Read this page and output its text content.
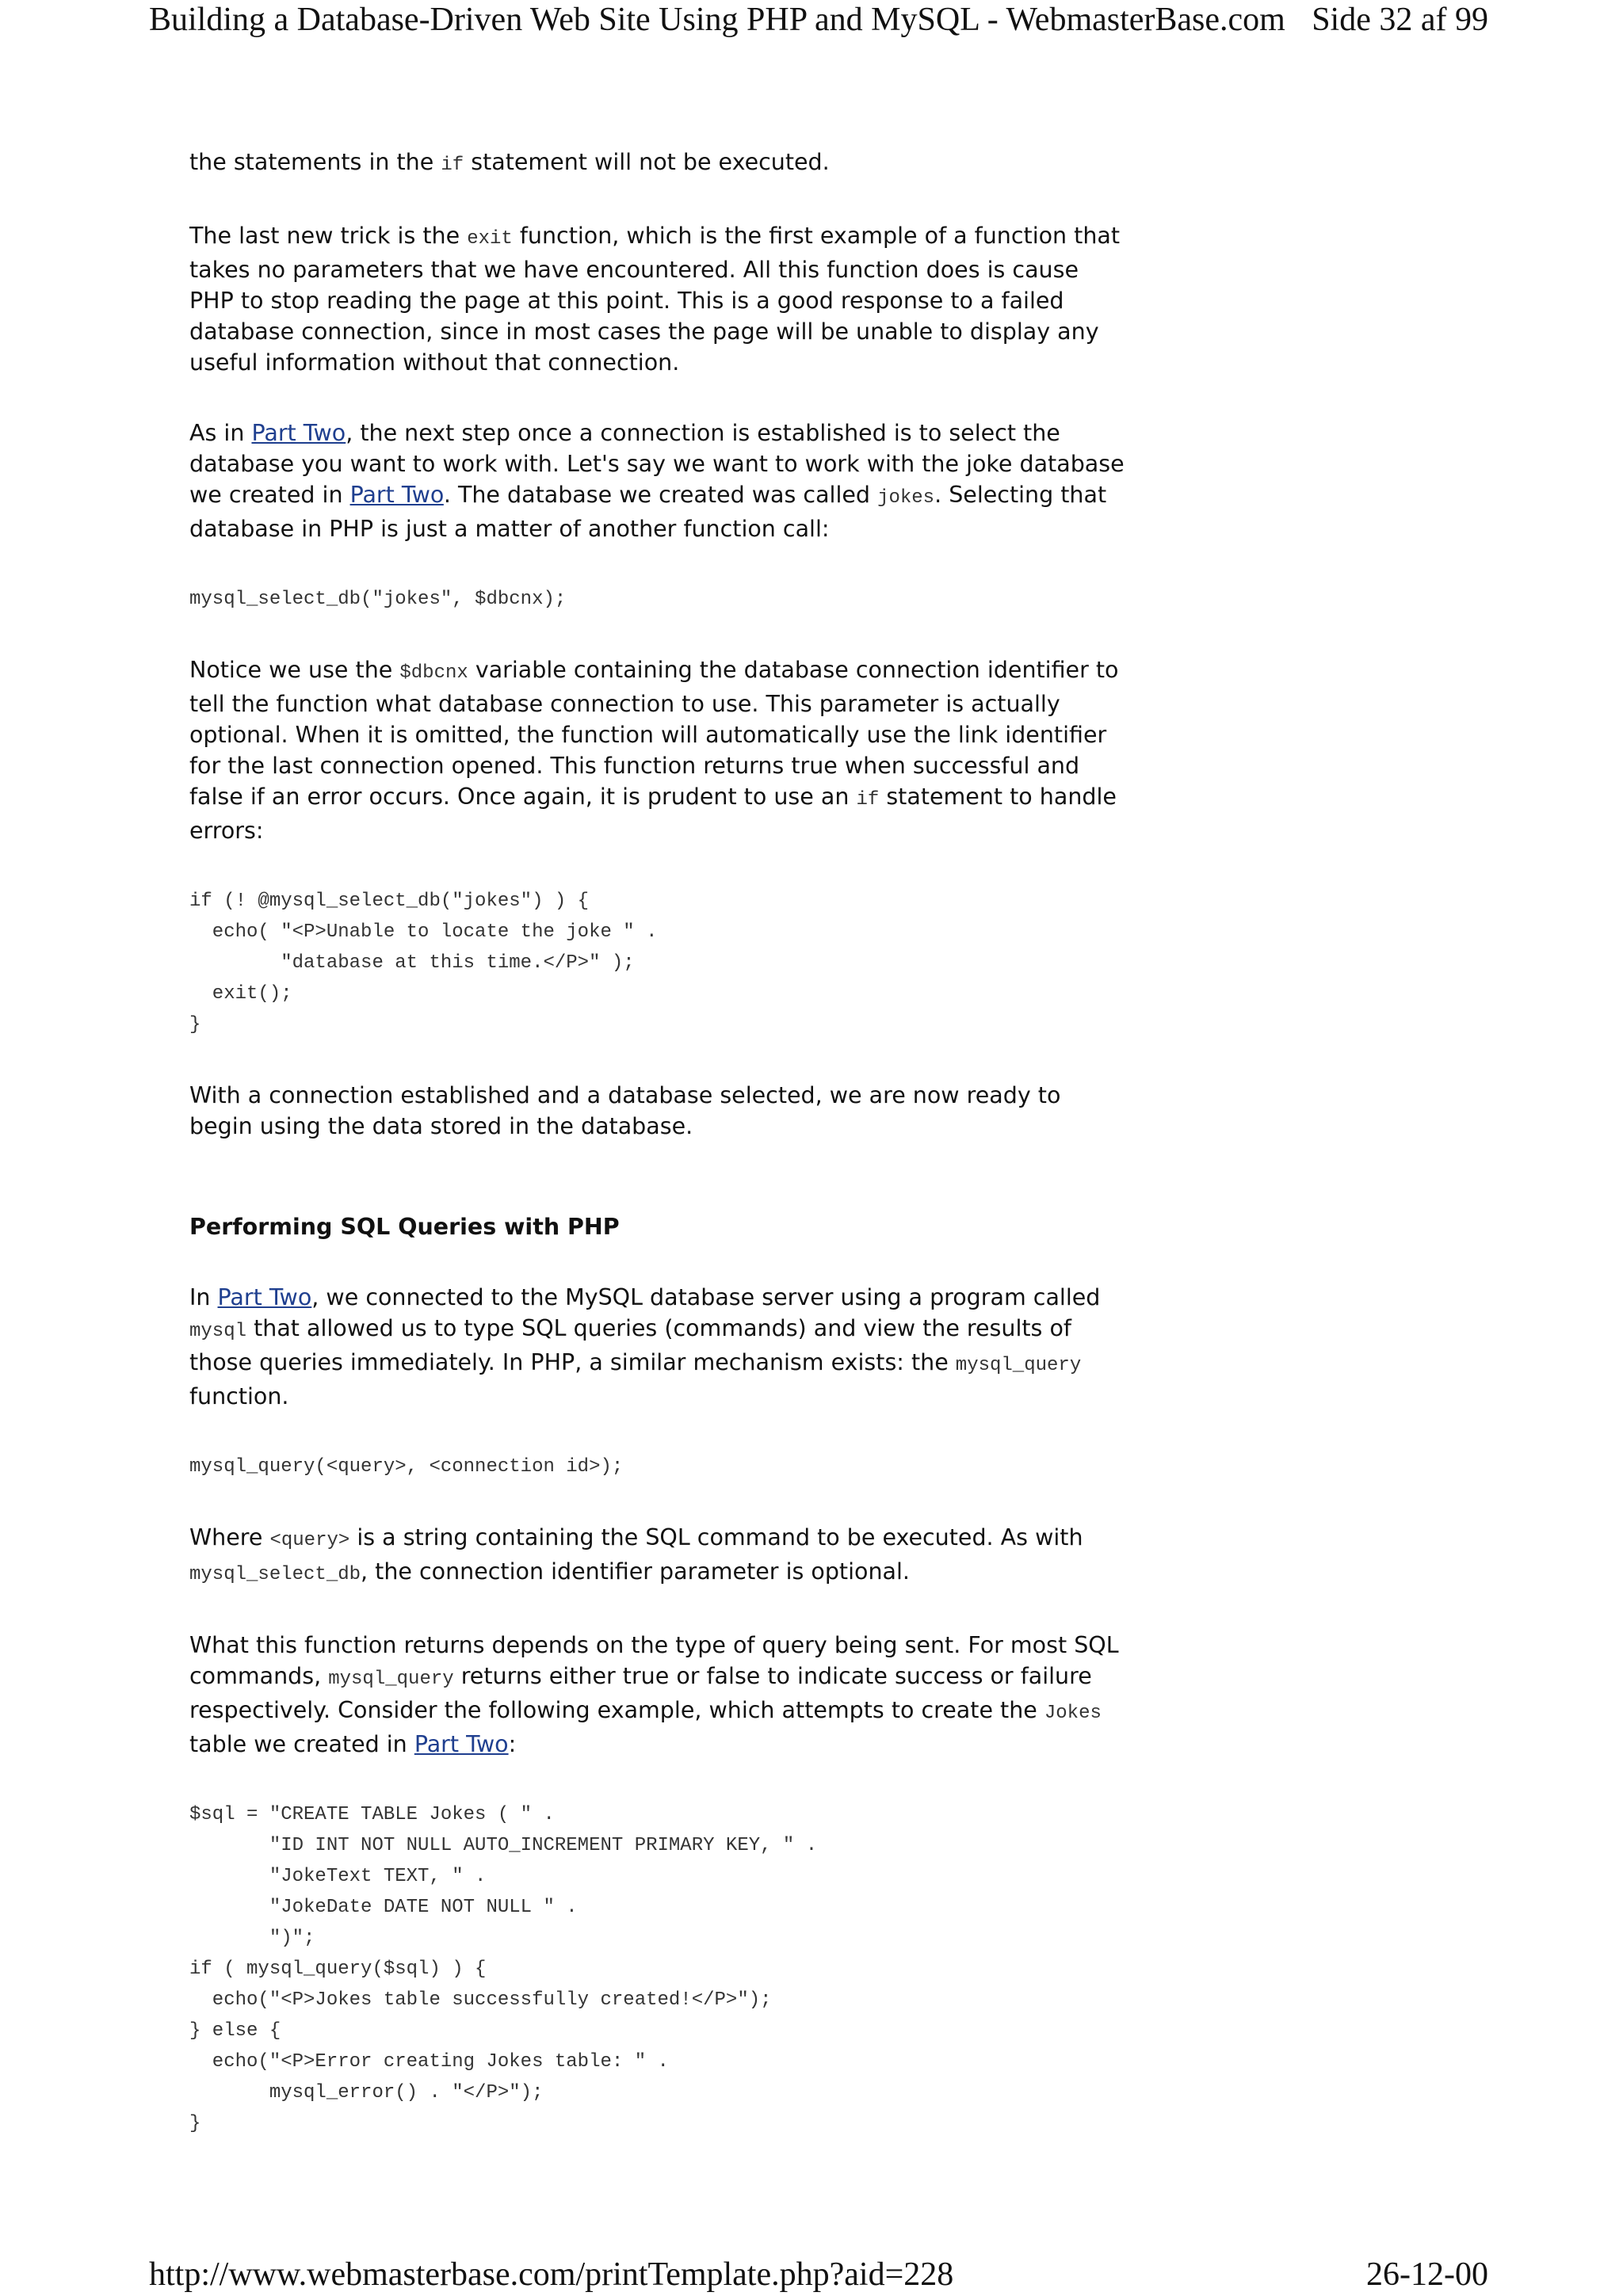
Building a Database-Driven Web Site Using PHP and MySQL - WebmasterBase.com Side 32 af 99

the statements in the if statement will not be executed.

The last new trick is the exit function, which is the first example of a function that takes no parameters that we have encountered. All this function does is cause PHP to stop reading the page at this point. This is a good response to a failed database connection, since in most cases the page will be unable to display any useful information without that connection.

As in Part Two, the next step once a connection is established is to select the database you want to work with. Let's say we want to work with the joke database we created in Part Two. The database we created was called jokes. Selecting that database in PHP is just a matter of another function call:

mysql_select_db("jokes", $dbcnx);

Notice we use the $dbcnx variable containing the database connection identifier to tell the function what database connection to use. This parameter is actually optional. When it is omitted, the function will automatically use the link identifier for the last connection opened. This function returns true when successful and false if an error occurs. Once again, it is prudent to use an if statement to handle errors:

if (! @mysql_select_db("jokes") ) {
echo( "<P>Unable to locate the joke " .
"database at this time.</P>" );
exit();
}

With a connection established and a database selected, we are now ready to begin using the data stored in the database.

Performing SQL Queries with PHP

In Part Two, we connected to the MySQL database server using a program called mysql that allowed us to type SQL queries (commands) and view the results of those queries immediately. In PHP, a similar mechanism exists: the mysql_query function.

mysql_query(<query>, <connection id>);

Where <query> is a string containing the SQL command to be executed. As with mysql_select_db, the connection identifier parameter is optional.

What this function returns depends on the type of query being sent. For most SQL commands, mysql_query returns either true or false to indicate success or failure respectively. Consider the following example, which attempts to create the Jokes table we created in Part Two:

$sql = "CREATE TABLE Jokes ( " .
"ID INT NOT NULL AUTO_INCREMENT PRIMARY KEY, " .
"JokeText TEXT, " .
"JokeDate DATE NOT NULL " .
")";
if ( mysql_query($sql) ) {
echo("<P>Jokes table successfully created!</P>");
} else {
echo("<P>Error creating Jokes table: " .
mysql_error() . "</P>");
}
http://www.webmasterbase.com/printTemplate.php?aid=228	26-12-00
